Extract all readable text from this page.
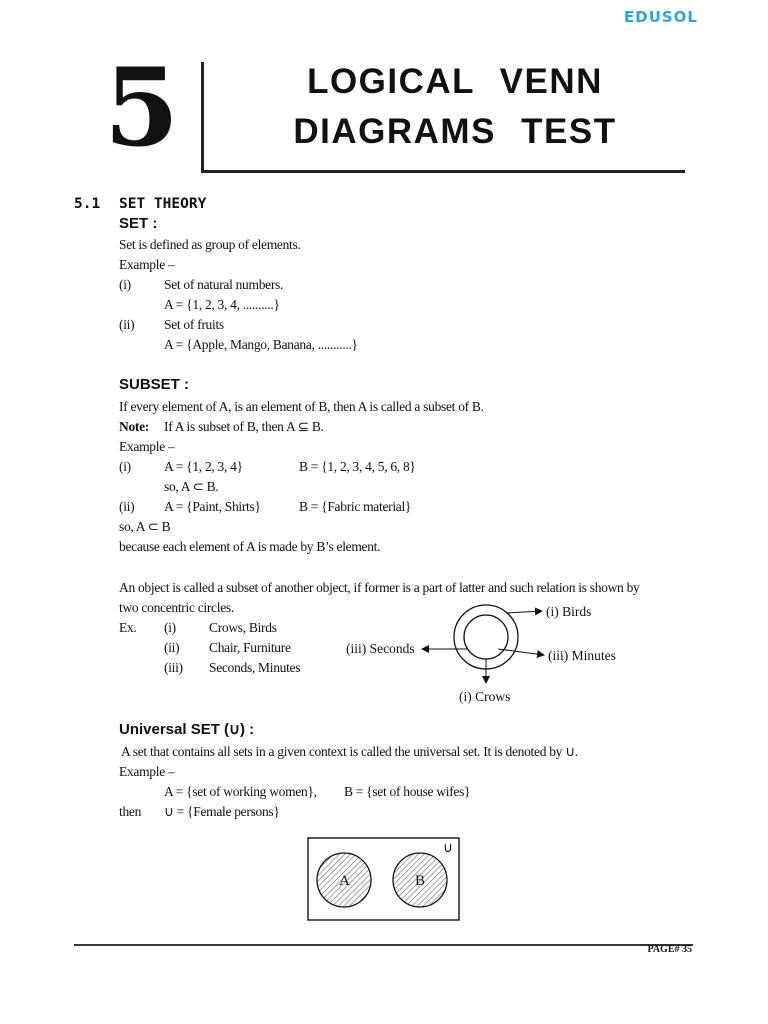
EDUSOL
5	LOGICAL VENN
DIAGRAMS TEST
5.1 SET THEORY
SET :
Set is defined as group of elements.
Example –
(i) Set of natural numbers.
A = {1, 2, 3, 4, ..........}
(ii) Set of fruits
A = {Apple, Mango, Banana, ...........}
SUBSET :
If every element of A, is an element of B, then A is called a subset of B.
Note: If A is subset of B, then A ⊆ B.
Example –
(i) A = {1, 2, 3, 4}	B = {1, 2, 3, 4, 5, 6, 8}
so, A ⊂ B.
(ii) A = {Paint, Shirts}	B = {Fabric material}
so, A ⊂ B
because each element of A is made by B’s element.
An object is called a subset of another object, if former is a part of latter and such relation is shown by
two concentric circles.
Ex. (i) Crows, Birds
(ii) Chair, Furniture
(iii) Seconds, Minutes
(i) Birds
(iii) Minutes
(iii) Seconds
(i) Crows
Universal SET (∪) :
A set that contains all sets in a given context is called the universal set. It is denoted by ∪.
Example –
A = {set of working women}, B = {set of house wifes}
then ∪ = {Female persons}
∪
A	B
PAGE# 35
